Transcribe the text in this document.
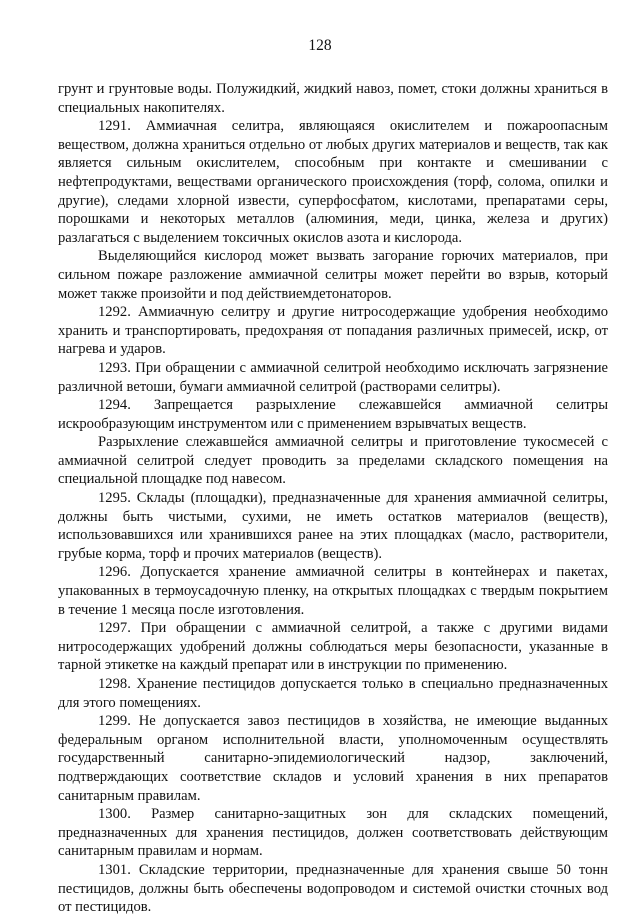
128

грунт и грунтовые воды. Полужидкий, жидкий навоз, помет, стоки должны храниться в специальных накопителях.

1291. Аммиачная селитра, являющаяся окислителем и пожароопасным веществом, должна храниться отдельно от любых других материалов и веществ, так как является сильным окислителем, способным при контакте и смешивании с нефтепродуктами, веществами органического происхождения (торф, солома, опилки и другие), следами хлорной извести, суперфосфатом, кислотами, препаратами серы, порошками и некоторых металлов (алюминия, меди, цинка, железа и других) разлагаться с выделением токсичных окислов азота и кислорода.

Выделяющийся кислород может вызвать загорание горючих материалов, при сильном пожаре разложение аммиачной селитры может перейти во взрыв, который может также произойти и под действиемдетонаторов.

1292. Аммиачную селитру и другие нитросодержащие удобрения необходимо хранить и транспортировать, предохраняя от попадания различных примесей, искр, от нагрева и ударов.

1293. При обращении с аммиачной селитрой необходимо исключать загрязнение различной ветоши, бумаги аммиачной селитрой (растворами селитры).

1294. Запрещается разрыхление слежавшейся аммиачной селитры искрообразующим инструментом или с применением взрывчатых веществ.

Разрыхление слежавшейся аммиачной селитры и приготовление тукосмесей с аммиачной селитрой следует проводить за пределами складского помещения на специальной площадке под навесом.

1295. Склады (площадки), предназначенные для хранения аммиачной селитры, должны быть чистыми, сухими, не иметь остатков материалов (веществ), использовавшихся или хранившихся ранее на этих площадках (масло, растворители, грубые корма, торф и прочих материалов (веществ).

1296. Допускается хранение аммиачной селитры в контейнерах и пакетах, упакованных в термоусадочную пленку, на открытых площадках с твердым покрытием в течение 1 месяца после изготовления.

1297. При обращении с аммиачной селитрой, а также с другими видами нитросодержащих удобрений должны соблюдаться меры безопасности, указанные в тарной этикетке на каждый препарат или в инструкции по применению.

1298. Хранение пестицидов допускается только в специально предназначенных для этого помещениях.

1299. Не допускается завоз пестицидов в хозяйства, не имеющие выданных федеральным органом исполнительной власти, уполномоченным осуществлять государственный санитарно-эпидемиологический надзор, заключений, подтверждающих соответствие складов и условий хранения в них препаратов санитарным правилам.

1300. Размер санитарно-защитных зон для складских помещений, предназначенных для хранения пестицидов, должен соответствовать действующим санитарным правилам и нормам.

1301. Складские территории, предназначенные для хранения свыше 50 тонн пестицидов, должны быть обеспечены водопроводом и системой очистки сточных вод от пестицидов.
